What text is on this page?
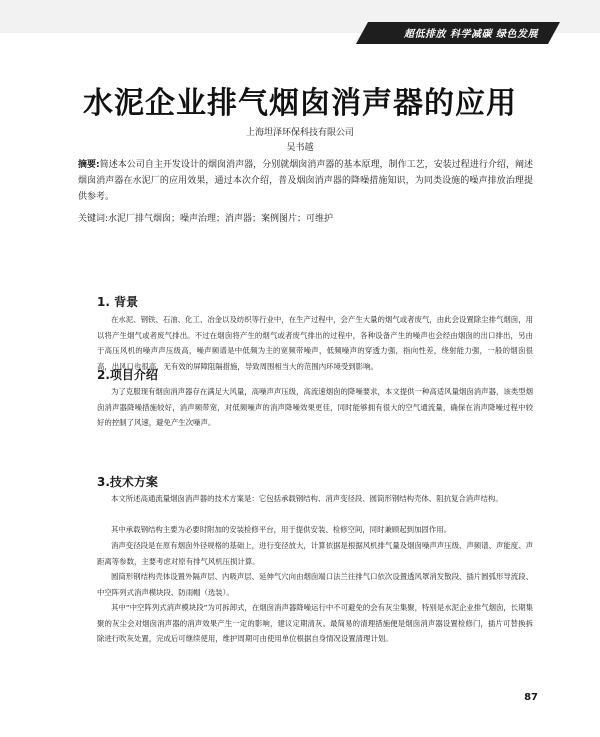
超低排放 科学减碳 绿色发展
水泥企业排气烟囱消声器的应用

上海坦泽环保科技有限公司

吴书越

摘要:简述本公司自主开发设计的烟囱消声器，分别就烟囱消声器的基本原理，制作工艺，安装过程进行介绍，阐述烟囱消声器在水泥厂的应用效果，通过本次介绍，普及烟囱消声器的降噪措施知识，为同类设施的噪声排放治理提供参考。

关键词:水泥厂排气烟囱；噪声治理；消声器；案例图片；可维护

1. 背景

在水泥、钢铁、石油、化工、冶金以及纺织等行业中，在生产过程中，会产生大量的烟气或者废气，由此会设置除尘排气烟囱，用以将产生烟气或者废气排出。不过在烟囱将产生的烟气或者废气排出的过程中，各种设备产生的噪声也会经由烟囱的出口排出，另由于高压风机的噪声声压级高，噪声频谱是中低频为主的宽频带噪声，低频噪声的穿透力强，指向性差，绕射能力强，一般的烟囱很高，出风口也很高，无有效的屏障阻隔措施，导致周围相当大的范围内环境受到影响。

2.项目介绍

为了克服现有烟囱消声器存在满足大风量，高噪声声压级，高流速烟囱的降噪要求，本文提供一种高适风量烟囱消声器，该类型烟囱消声器降噪措施较好，消声频带宽，对低频噪声的消声降噪效果更佳，同时能够拥有很大的空气通流量，确保在消声降噪过程中较好的控制了风速，避免产生次噪声。

3.技术方案

本文所述高通流量烟囱消声器的技术方案是：它包括承载钢结构、消声变径段、圆筒形钢结构壳体、阻抗复合消声结构。

其中承载钢结构主要为必要时附加的安装检修平台，用于提供安装、检修空间，同时兼顾起到加固作用。

消声变径段是在原有烟囱外径规格的基础上，进行变径放大，计算依据是根据风机排气量及烟囱噪声声压级、声频谱、声能度、声距离等参数，主要考虑对原有排气风机压损计算。

圆筒形钢结构壳体设置外隔声层、内吸声层、延伸气穴向由烟囱端口法兰往排气口依次设置透风罩消发散段、插片圆弧形导流段、中空阵列式消声模块段、防雨帽（选装）。

其中“中空阵列式消声模块段”为可拆卸式，在烟囱消声器降噪运行中不可避免的会有灰尘集聚，特别是水泥企业排气烟囱，长期集聚的灰尘会对烟囱消声器的消声效果产生一定的影响，建议定期清灰。最简易的清理措施便是烟囱消声器设置检修门，插片可替换拆除进行吹灰处置，完成后可继续使用，维护周期可由使用单位根据自身情况设置清理计划。

87
